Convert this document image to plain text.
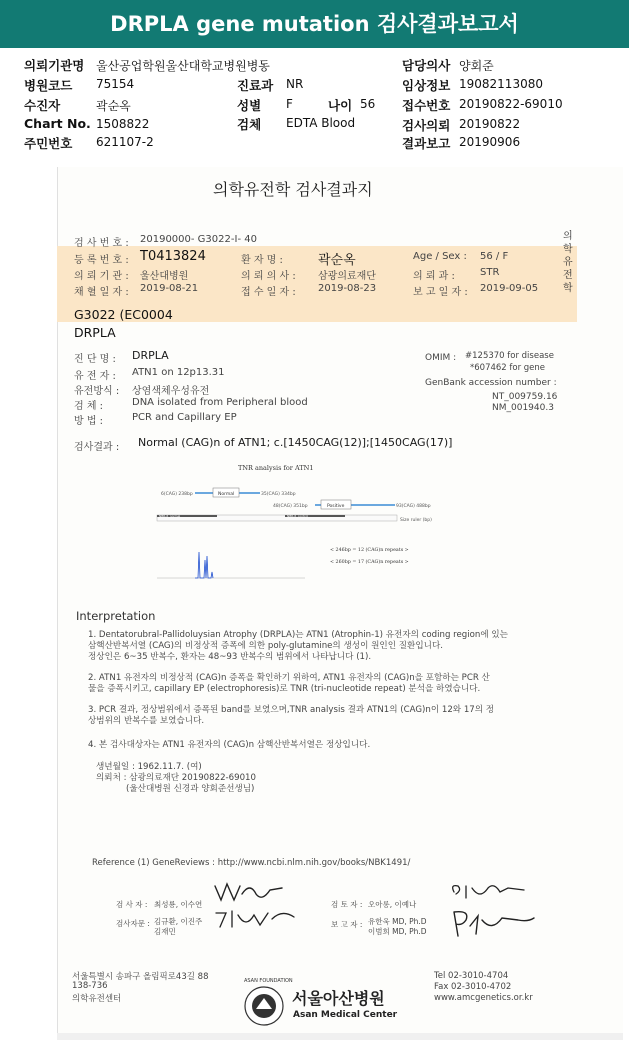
DRPLA gene mutation 검사결과보고서
의뢰기관명 울산공업학원울산대학교병원병동
병원코드 75154
수진자	곽순옥
Chart No. 1508822
주민번호 621107-2
진료과 NR
성별 F	나이 56
검체 EDTA Blood
담당의사 양회준
임상정보 19082113080
접수번호 20190822-69010
검사의뢰 20190822
결과보고 20190906
의학유전학 검사결과지
의
학
유
전
학
검 사 번 호 : 20190000- G3022-I- 40
등 록 번 호 : T0413824	환 자 명 :	곽순옥	Age / Sex : 56 / F
의 뢰 기 관 : 울산대병원	의 뢰 의 사 : 삼광의료재단	의 뢰 과 :	STR
채 혈 일 자 : 2019-08-21	접 수 일 자 : 2019-08-23	보 고 일 자 : 2019-09-05
G3022 (EC0004
DRPLA
진 단 명 : DRPLA
유 전 자 : ATN1 on 12p13.31
유전방식 : 상염색체우성유전
검 체 :	DNA isolated from Peripheral blood
방 법 :	PCR and Capillary EP
OMIM : #125370 for disease
*607462 for gene
GenBank accession number :
NT_009759.16
NM_001940.3
검사결과 : Normal (CAG)n of ATN1; c.[1450CAG(12)];[1450CAG(17)]
TNR analysis for ATN1
6(CAG) 238bp	Normal	35(CAG) 334bp
48(CAG) 351bp	Positive	93(CAG) 488bp
NBR-6_normal	NBR-6_control
Size ruler (bp)
< 246bp = 12 (CAG)n repeats >
< 260bp = 17 (CAG)n repeats >
Interpretation
1. Dentatorubral-Pallidoluysian Atrophy (DRPLA)는 ATN1 (Atrophin-1) 유전자의 coding region에 있는
삼핵산반복서열 (CAG)의 비정상적 증폭에 의한 poly-glutamine의 생성이 원인인 질환입니다.
정상인은 6~35 반복수, 환자는 48~93 반복수의 범위에서 나타납니다 (1).
2. ATN1 유전자의 비정상적 (CAG)n 증폭을 확인하기 위하여, ATN1 유전자의 (CAG)n을 포함하는 PCR 산
물을 증폭시키고, capillary EP (electrophoresis)로 TNR (tri-nucleotide repeat) 분석을 하였습니다.
3. PCR 결과, 정상범위에서 증폭된 band를 보였으며,TNR analysis 결과 ATN1의 (CAG)n이 12와 17의 정
상범위의 반복수를 보였습니다.
4. 본 검사대상자는 ATN1 유전자의 (CAG)n 삼핵산반복서열은 정상입니다.
생년월일 : 1962.11.7. (여)
의뢰처 : 삼광의료재단 20190822-69010
(울산대병원 신경과 양회준선생님)
Reference (1) GeneReviews : http://www.ncbi.nlm.nih.gov/books/NBK1491/
검 사 자 : 최성룡, 이수연
검사자문 : 김규환, 이진주
김재민
검 토 자 : 오아롱, 이예나
보 고 자 : 유한욱 MD, Ph.D
이범희 MD, Ph.D
서울특별시 송파구 올림픽로43길 88
138-736
의학유전센터
ASAN FOUNDATION
서울아산병원
Asan Medical Center
Tel 02-3010-4704
Fax 02-3010-4702
www.amcgenetics.or.kr
